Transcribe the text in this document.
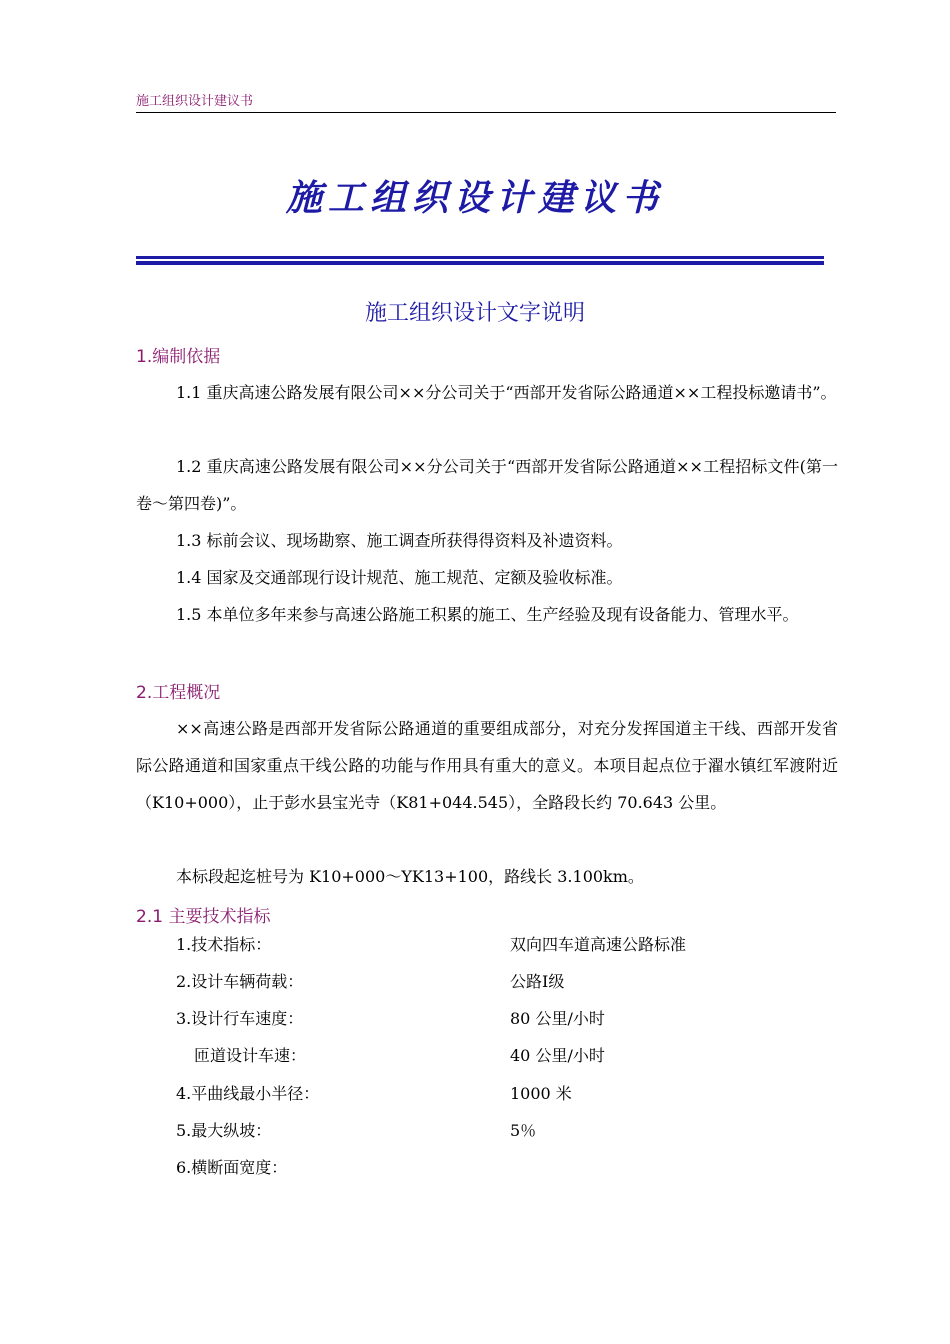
施工组织设计建议书
施工组织设计建议书
施工组织设计文字说明
1.编制依据
1.1 重庆高速公路发展有限公司××分公司关于“西部开发省际公路通道××工程投标邀请书”。
1.2 重庆高速公路发展有限公司××分公司关于“西部开发省际公路通道××工程招标文件(第一卷～第四卷)”。
1.3 标前会议、现场勘察、施工调查所获得得资料及补遗资料。
1.4 国家及交通部现行设计规范、施工规范、定额及验收标准。
1.5 本单位多年来参与高速公路施工积累的施工、生产经验及现有设备能力、管理水平。
2.工程概况
××高速公路是西部开发省际公路通道的重要组成部分，对充分发挥国道主干线、西部开发省际公路通道和国家重点干线公路的功能与作用具有重大的意义。本项目起点位于濯水镇红军渡附近（K10+000），止于彭水县宝光寺（K81+044.545），全路段长约 70.643 公里。
本标段起迄桩号为 K10+000～YK13+100，路线长 3.100km。
2.1 主要技术指标
1.技术指标：	双向四车道高速公路标准
2.设计车辆荷载：	公路Ⅰ级
3.设计行车速度：	80 公里/小时
匝道设计车速：	40 公里/小时
4.平曲线最小半径：	1000 米
5.最大纵坡：	5％
6.横断面宽度：
